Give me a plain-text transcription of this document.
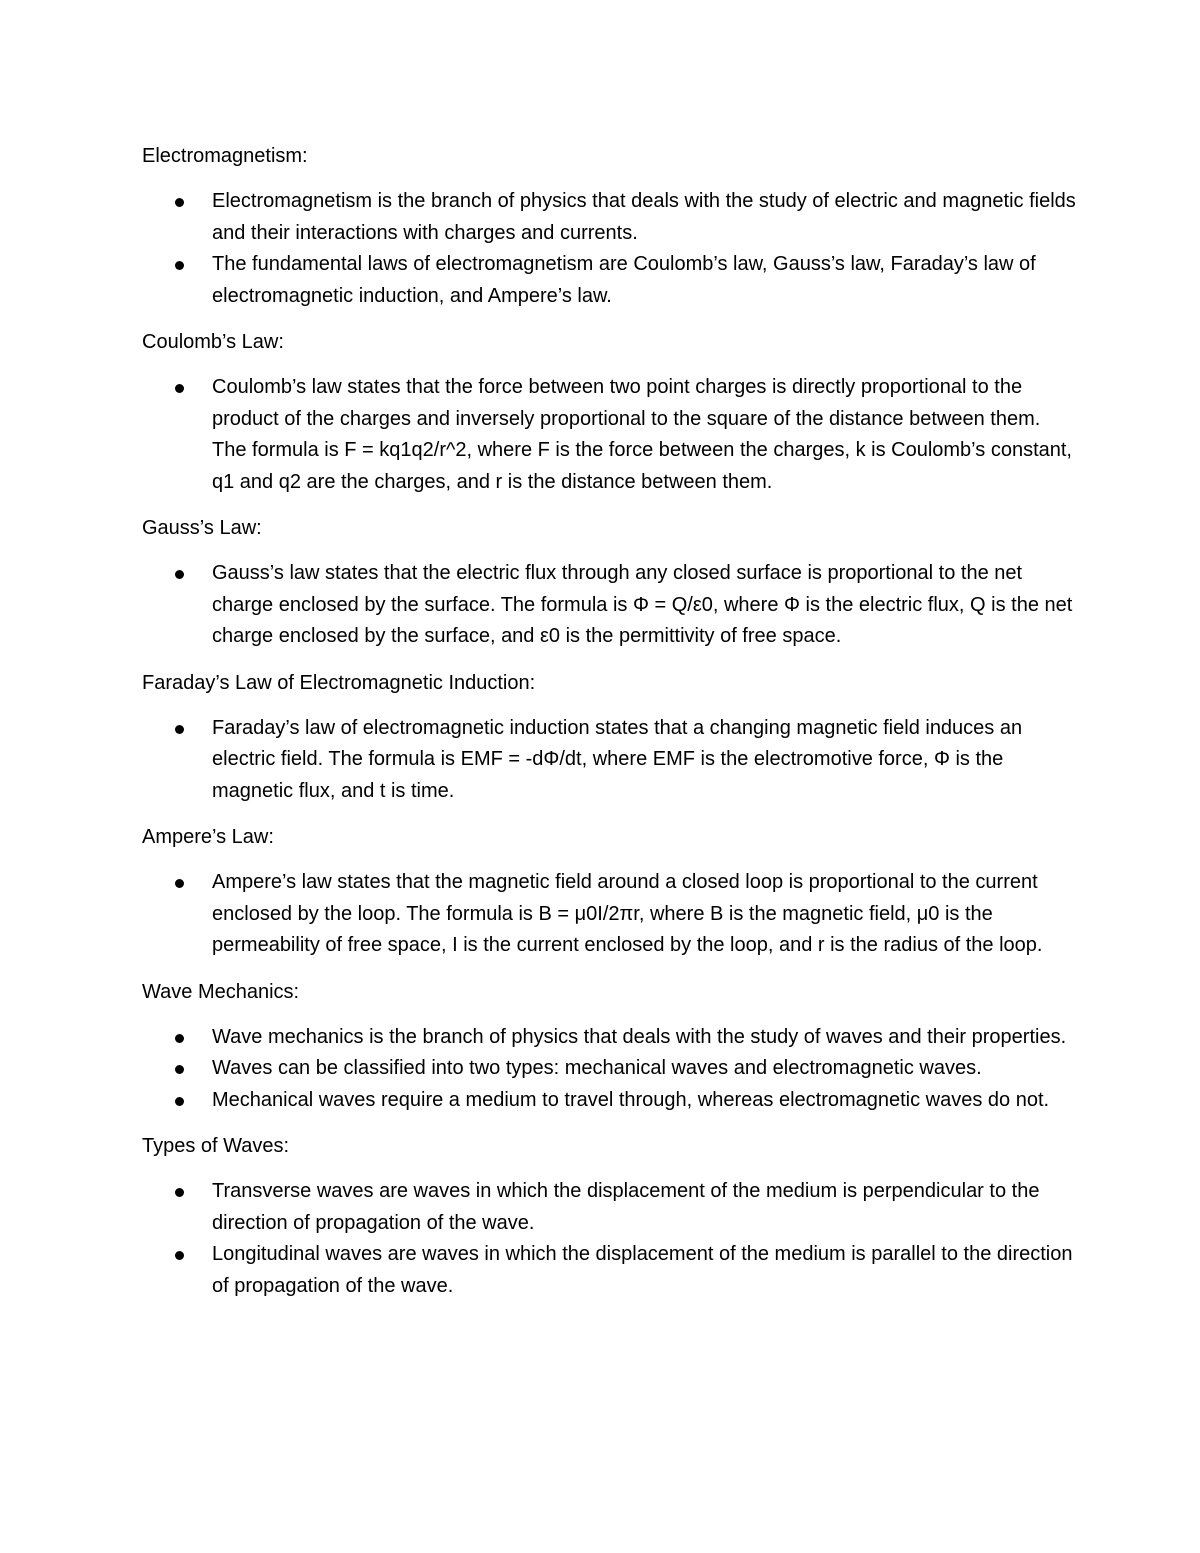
Electromagnetism:

Electromagnetism is the branch of physics that deals with the study of electric and magnetic fields and their interactions with charges and currents.
The fundamental laws of electromagnetism are Coulomb’s law, Gauss’s law, Faraday’s law of electromagnetic induction, and Ampere’s law.

Coulomb’s Law:

Coulomb’s law states that the force between two point charges is directly proportional to the product of the charges and inversely proportional to the square of the distance between them. The formula is F = kq1q2/r^2, where F is the force between the charges, k is Coulomb’s constant, q1 and q2 are the charges, and r is the distance between them.

Gauss’s Law:

Gauss’s law states that the electric flux through any closed surface is proportional to the net charge enclosed by the surface. The formula is Φ = Q/ε0, where Φ is the electric flux, Q is the net charge enclosed by the surface, and ε0 is the permittivity of free space.

Faraday’s Law of Electromagnetic Induction:

Faraday’s law of electromagnetic induction states that a changing magnetic field induces an electric field. The formula is EMF = -dΦ/dt, where EMF is the electromotive force, Φ is the magnetic flux, and t is time.

Ampere’s Law:

Ampere’s law states that the magnetic field around a closed loop is proportional to the current enclosed by the loop. The formula is B = μ0I/2πr, where B is the magnetic field, μ0 is the permeability of free space, I is the current enclosed by the loop, and r is the radius of the loop.

Wave Mechanics:

Wave mechanics is the branch of physics that deals with the study of waves and their properties.
Waves can be classified into two types: mechanical waves and electromagnetic waves.
Mechanical waves require a medium to travel through, whereas electromagnetic waves do not.

Types of Waves:

Transverse waves are waves in which the displacement of the medium is perpendicular to the direction of propagation of the wave.
Longitudinal waves are waves in which the displacement of the medium is parallel to the direction of propagation of the wave.
